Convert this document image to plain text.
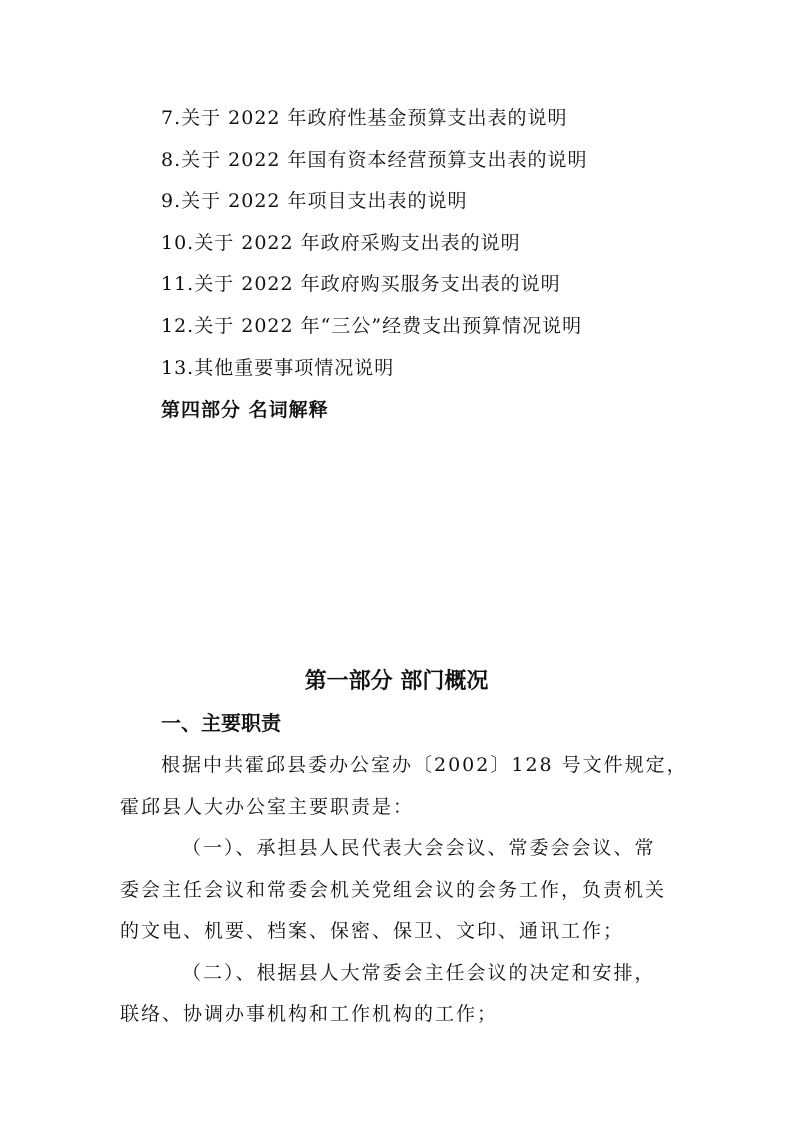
7.关于 2022 年政府性基金预算支出表的说明
8.关于 2022 年国有资本经营预算支出表的说明
9.关于 2022 年项目支出表的说明
10.关于 2022 年政府采购支出表的说明
11.关于 2022 年政府购买服务支出表的说明
12.关于 2022 年“三公”经费支出预算情况说明
13.其他重要事项情况说明
第四部分 名词解释
第一部分 部门概况
一、主要职责
根据中共霍邱县委办公室办〔2002〕128 号文件规定，
霍邱县人大办公室主要职责是：
（一）、承担县人民代表大会会议、常委会会议、常
委会主任会议和常委会机关党组会议的会务工作，负责机关
的文电、机要、档案、保密、保卫、文印、通讯工作；
（二）、根据县人大常委会主任会议的决定和安排，
联络、协调办事机构和工作机构的工作；
